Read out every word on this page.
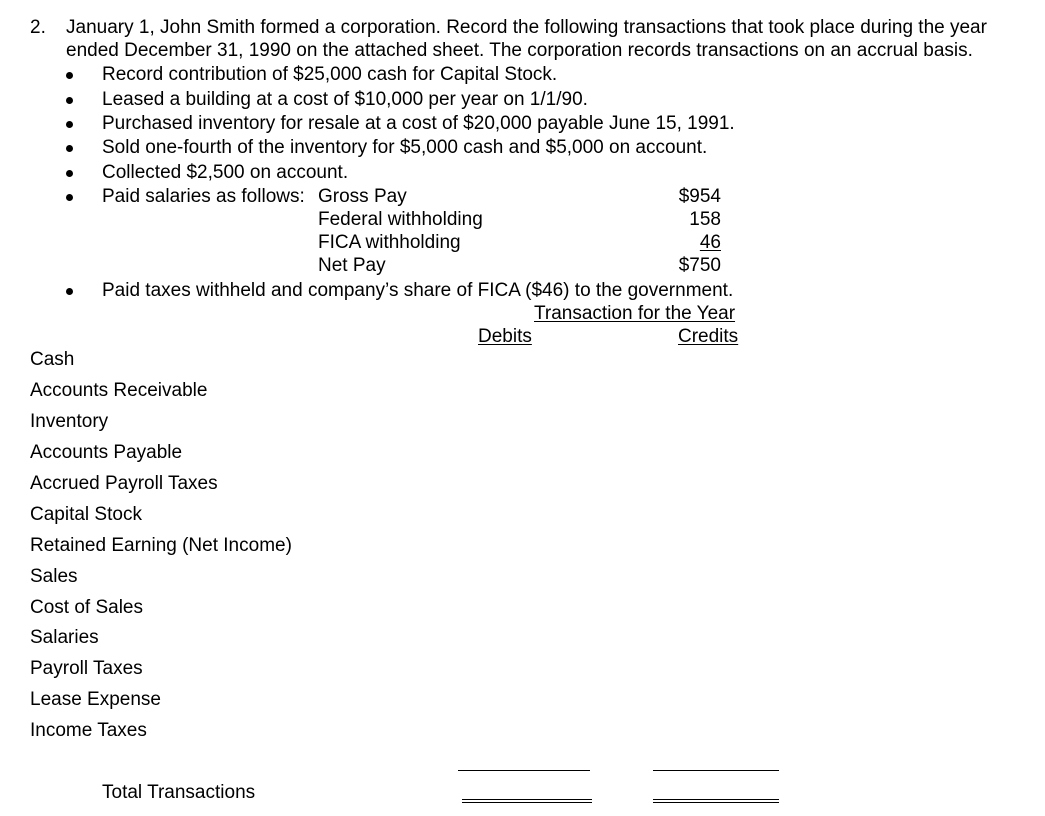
2. January 1, John Smith formed a corporation. Record the following transactions that took place during the year
ended December 31, 1990 on the attached sheet. The corporation records transactions on an accrual basis.
Record contribution of $25,000 cash for Capital Stock.
Leased a building at a cost of $10,000 per year on 1/1/90.
Purchased inventory for resale at a cost of $20,000 payable June 15, 1991.
Sold one-fourth of the inventory for $5,000 cash and $5,000 on account.
Collected $2,500 on account.
Paid salaries as follows: Gross Pay	$954
Federal withholding	158
FICA withholding	46
Net Pay	$750
Paid taxes withheld and company’s share of FICA ($46) to the government.
Transaction for the Year
Debits	Credits
Cash
Accounts Receivable
Inventory
Accounts Payable
Accrued Payroll Taxes
Capital Stock
Retained Earning (Net Income)
Sales
Cost of Sales
Salaries
Payroll Taxes
Lease Expense
Income Taxes
Total Transactions
